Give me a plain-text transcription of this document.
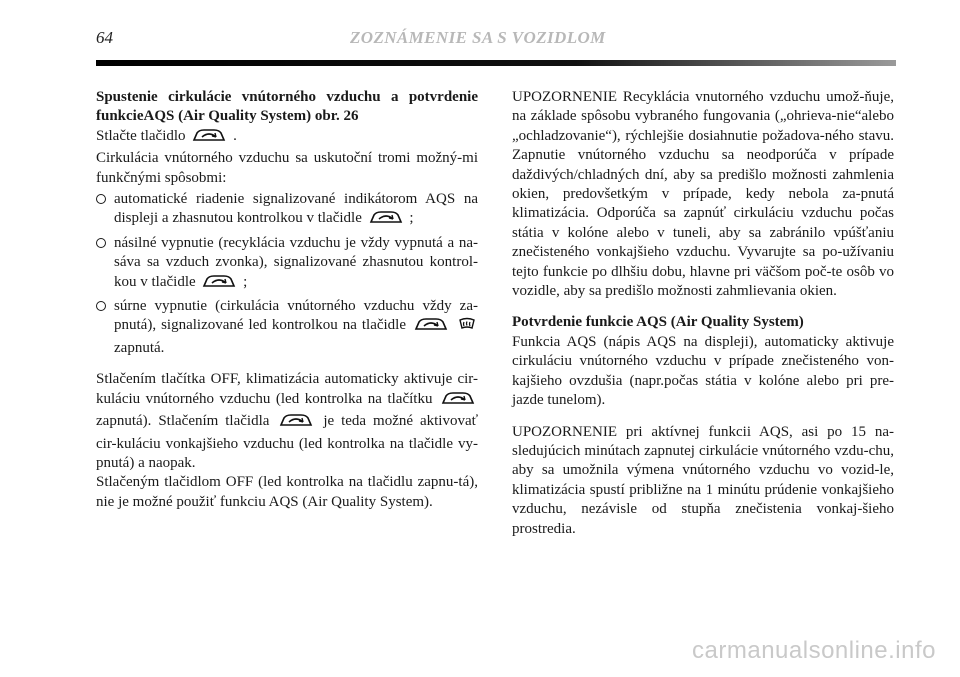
64	ZOZNÁMENIE SA S VOZIDLOM

Spustenie cirkulácie vnútorného vzduchu a potvrdenie funkcieAQS (Air Quality System) obr. 26

Stlačte tlačidlo	.

Cirkulácia vnútorného vzduchu sa uskutoční tromi možný-mi funkčnými spôsobmi:

automatické riadenie signalizované indikátorom AQS na displeji a zhasnutou kontrolkou v tlačidle	;
násilné vypnutie (recyklácia vzduchu je vždy vypnutá a na-sáva sa vzduch zvonka), signalizované zhasnutou kontrol-kou v tlačidle	;
súrne vypnutie (cirkulácia vnútorného vzduchu vždy za-pnutá), signalizované led kontrolkou na tlačidle   zapnutá.

Stlačením tlačítka OFF, klimatizácia automaticky aktivuje cir-kuláciu vnútorného vzduchu (led kontrolka na tlačítku  zapnutá). Stlačením tlačidla	je teda možné aktivovať cir-kuláciu vonkajšieho vzduchu (led kontrolka na tlačidle vy-pnutá) a naopak.

Stlačeným tlačidlom OFF (led kontrolka na tlačidlu zapnu-tá), nie je možné použiť funkciu AQS (Air Quality System).

UPOZORNENIE Recyklácia vnutorného vzduchu umož-ňuje, na základe spôsobu vybraného fungovania („ohrieva-nie“alebo „ochladzovanie“), rýchlejšie dosiahnutie požadova-ného stavu. Zapnutie vnútorného vzduchu sa neodporúča v prípade daždivých/chladných dní, aby sa predišlo možnosti zahmlenia okien, predovšetkým v prípade, kedy nebola za-pnutá klimatizácia. Odporúča sa zapnúť cirkuláciu vzduchu počas státia v kolóne alebo v tuneli, aby sa zabránilo vpúšťaniu znečisteného vonkajšieho vzduchu. Vyvarujte sa po-užívaniu tejto funkcie po dlhšiu dobu, hlavne pri väčšom poč-te osôb vo vozidle, aby sa predišlo možnosti zahmlievania okien.

Potvrdenie funkcie AQS (Air Quality System)

Funkcia AQS (nápis AQS na displeji), automaticky aktivuje cirkuláciu vnútorného vzduchu v prípade znečisteného von-kajšieho ovzdušia (napr.počas státia v kolóne alebo pri pre-jazde tunelom).

UPOZORNENIE pri aktívnej funkcii AQS, asi po 15 na-sledujúcich minútach zapnutej cirkulácie vnútorného vzdu-chu, aby sa umožnila výmena vnútorného vzduchu vo vozid-le, klimatizácia spustí približne na 1 minútu prúdenie vonkajšieho vzduchu, nezávisle od stupňa znečistenia vonkaj-šieho prostredia.

carmanualsonline.info
